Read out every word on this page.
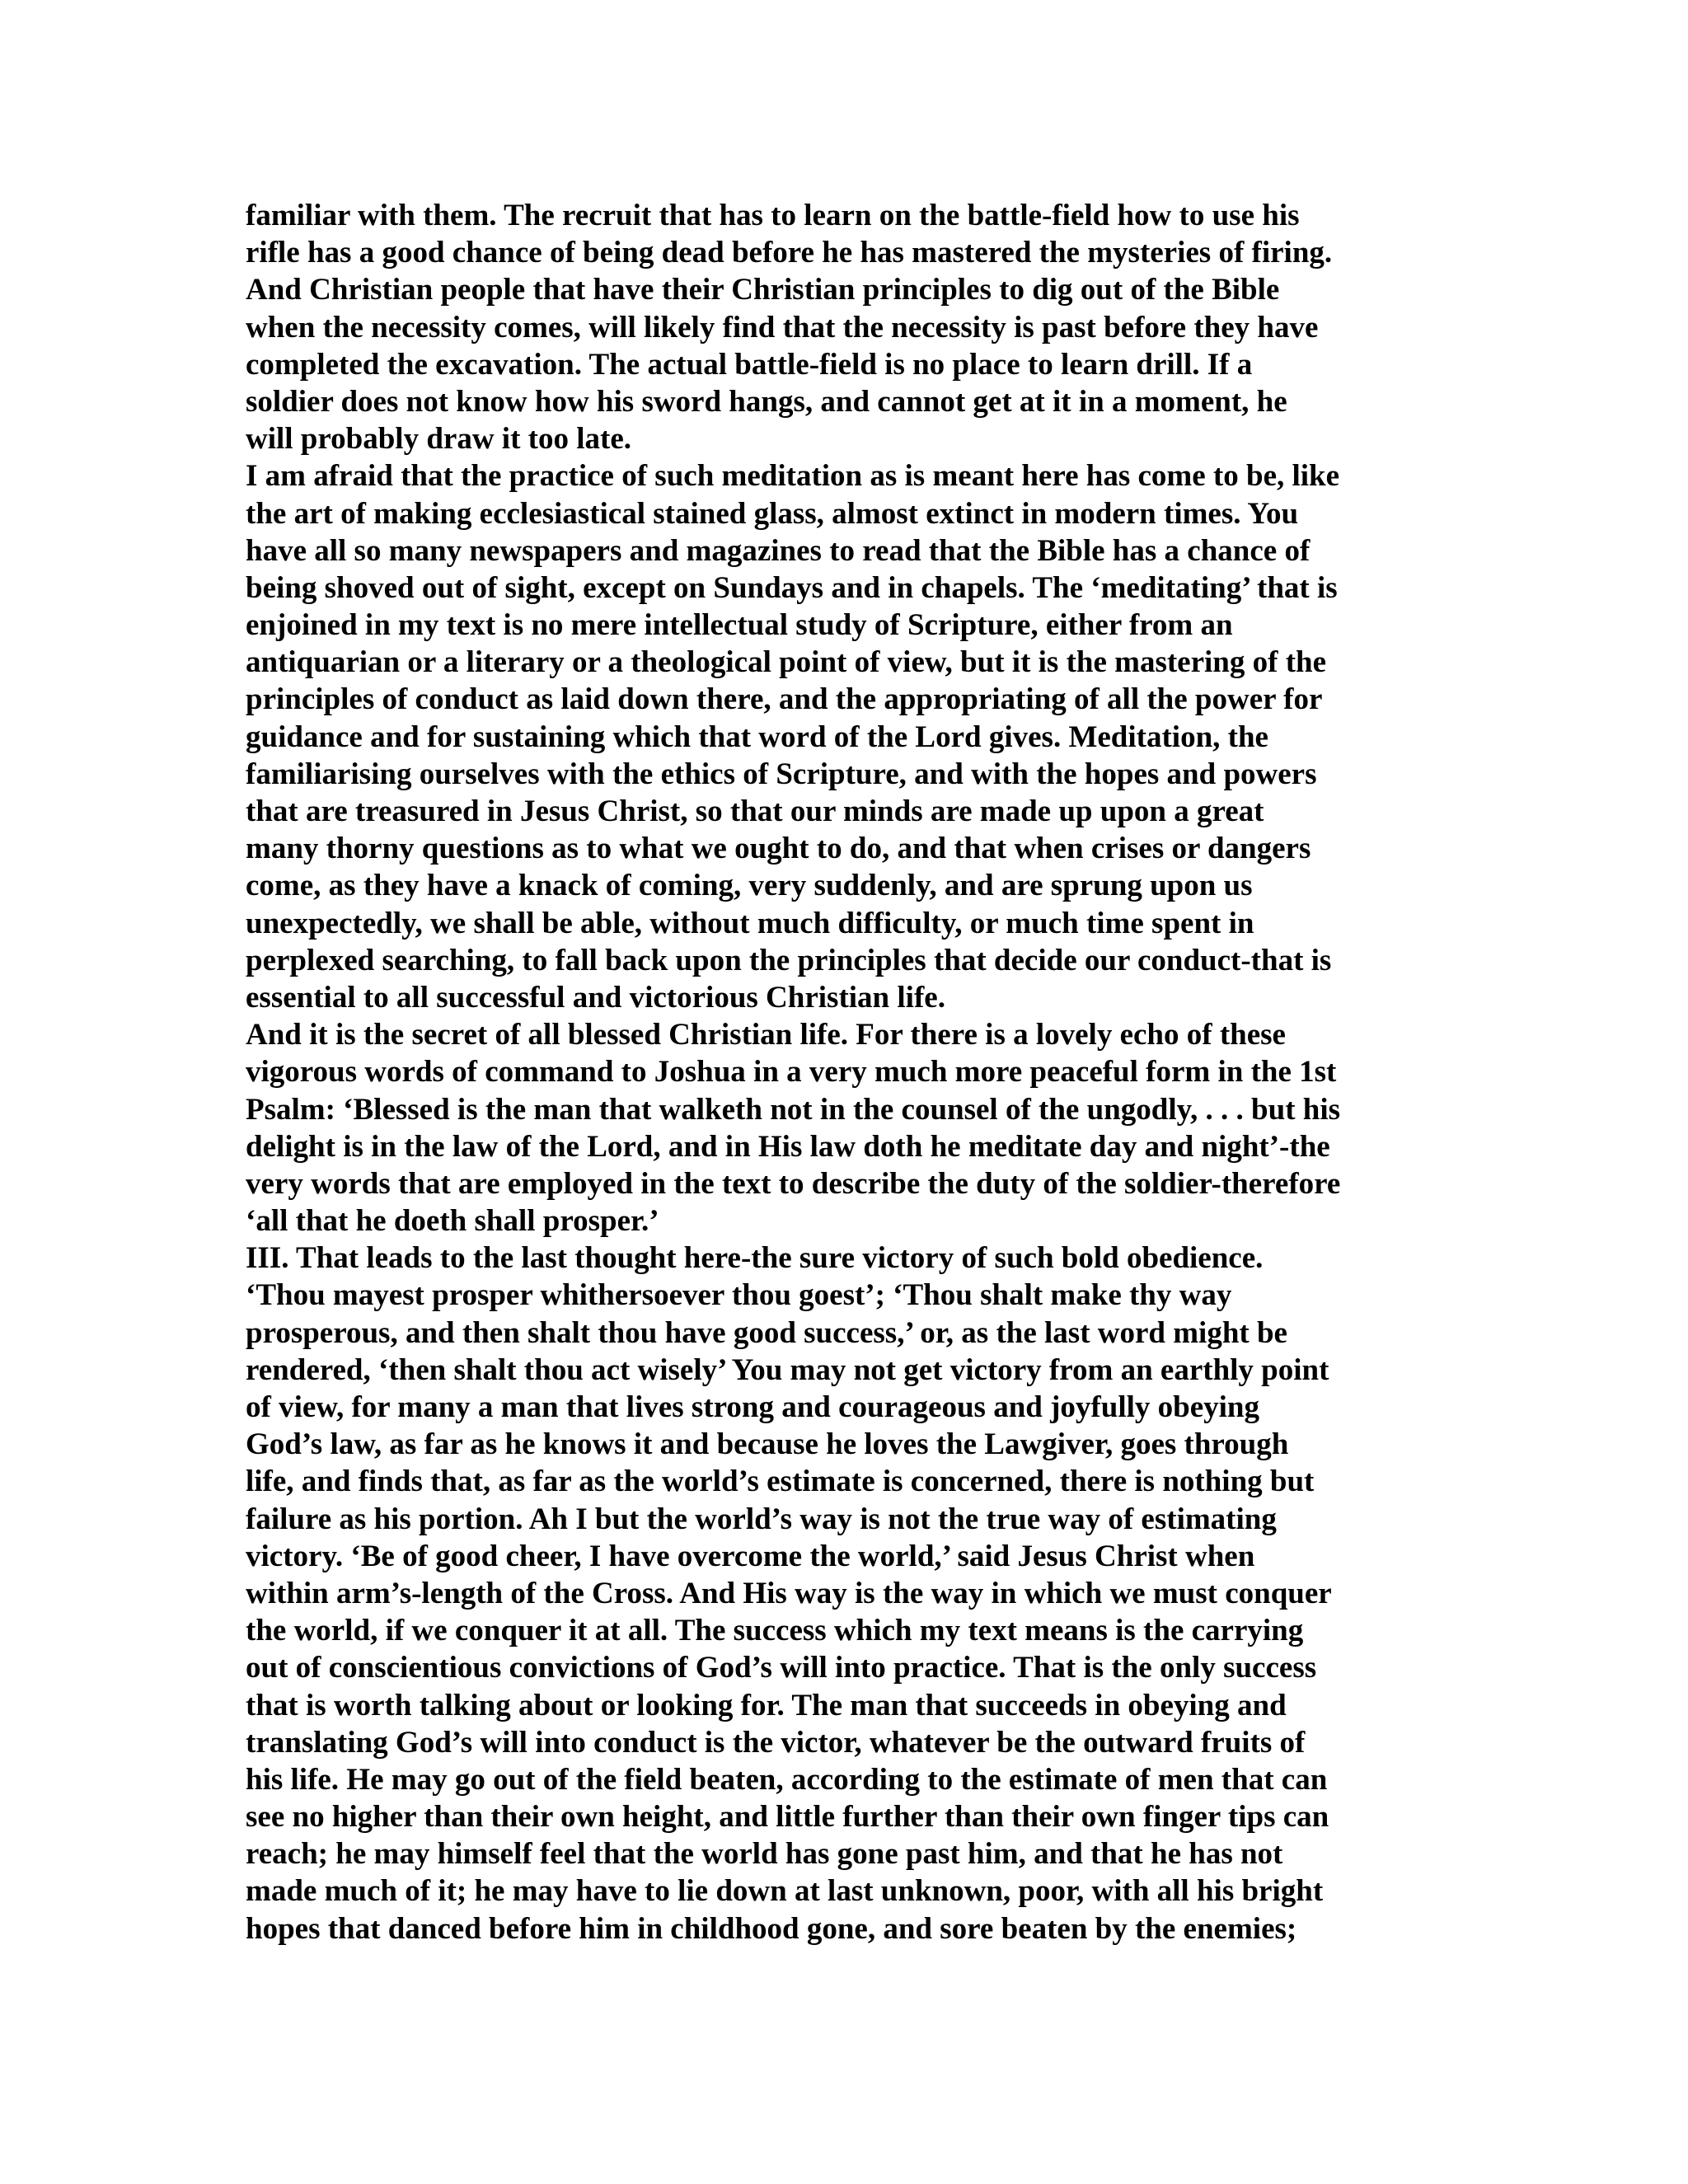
familiar with them. The recruit that has to learn on the battle-field how to use his
rifle has a good chance of being dead before he has mastered the mysteries of firing.
And Christian people that have their Christian principles to dig out of the Bible
when the necessity comes, will likely find that the necessity is past before they have
completed the excavation. The actual battle-field is no place to learn drill. If a
soldier does not know how his sword hangs, and cannot get at it in a moment, he
will probably draw it too late.
I am afraid that the practice of such meditation as is meant here has come to be, like
the art of making ecclesiastical stained glass, almost extinct in modern times. You
have all so many newspapers and magazines to read that the Bible has a chance of
being shoved out of sight, except on Sundays and in chapels. The ‘meditating’ that is
enjoined in my text is no mere intellectual study of Scripture, either from an
antiquarian or a literary or a theological point of view, but it is the mastering of the
principles of conduct as laid down there, and the appropriating of all the power for
guidance and for sustaining which that word of the Lord gives. Meditation, the
familiarising ourselves with the ethics of Scripture, and with the hopes and powers
that are treasured in Jesus Christ, so that our minds are made up upon a great
many thorny questions as to what we ought to do, and that when crises or dangers
come, as they have a knack of coming, very suddenly, and are sprung upon us
unexpectedly, we shall be able, without much difficulty, or much time spent in
perplexed searching, to fall back upon the principles that decide our conduct-that is
essential to all successful and victorious Christian life.
And it is the secret of all blessed Christian life. For there is a lovely echo of these
vigorous words of command to Joshua in a very much more peaceful form in the 1st
Psalm: ‘Blessed is the man that walketh not in the counsel of the ungodly, . . . but his
delight is in the law of the Lord, and in His law doth he meditate day and night’-the
very words that are employed in the text to describe the duty of the soldier-therefore
‘all that he doeth shall prosper.’
III. That leads to the last thought here-the sure victory of such bold obedience.
‘Thou mayest prosper whithersoever thou goest’; ‘Thou shalt make thy way
prosperous, and then shalt thou have good success,’ or, as the last word might be
rendered, ‘then shalt thou act wisely’ You may not get victory from an earthly point
of view, for many a man that lives strong and courageous and joyfully obeying
God’s law, as far as he knows it and because he loves the Lawgiver, goes through
life, and finds that, as far as the world’s estimate is concerned, there is nothing but
failure as his portion. Ah I but the world’s way is not the true way of estimating
victory. ‘Be of good cheer, I have overcome the world,’ said Jesus Christ when
within arm’s-length of the Cross. And His way is the way in which we must conquer
the world, if we conquer it at all. The success which my text means is the carrying
out of conscientious convictions of God’s will into practice. That is the only success
that is worth talking about or looking for. The man that succeeds in obeying and
translating God’s will into conduct is the victor, whatever be the outward fruits of
his life. He may go out of the field beaten, according to the estimate of men that can
see no higher than their own height, and little further than their own finger tips can
reach; he may himself feel that the world has gone past him, and that he has not
made much of it; he may have to lie down at last unknown, poor, with all his bright
hopes that danced before him in childhood gone, and sore beaten by the enemies;
